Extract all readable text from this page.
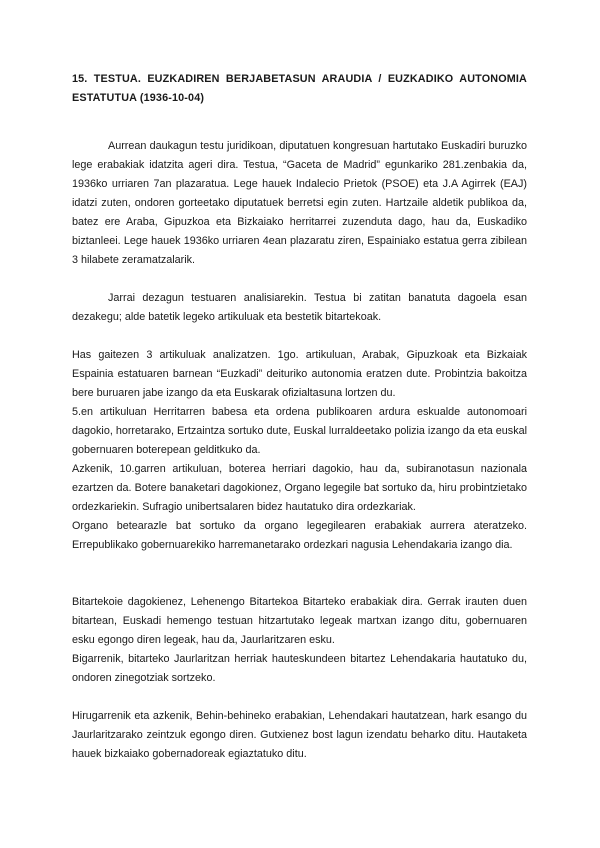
15. TESTUA. EUZKADIREN BERJABETASUN ARAUDIA / EUZKADIKO AUTONOMIA ESTATUTUA (1936-10-04)

Aurrean daukagun testu juridikoan, diputatuen kongresuan hartutako Euskadiri buruzko lege erabakiak idatzita ageri dira. Testua, “Gaceta de Madrid” egunkariko 281.zenbakia da, 1936ko urriaren 7an plazaratua. Lege hauek Indalecio Prietok (PSOE) eta J.A Agirrek (EAJ) idatzi zuten, ondoren gorteetako diputatuek berretsi egin zuten. Hartzaile aldetik publikoa da, batez ere Araba, Gipuzkoa eta Bizkaiako herritarrei zuzenduta dago, hau da, Euskadiko biztanleei. Lege hauek 1936ko urriaren 4ean plazaratu ziren, Espainiako estatua gerra zibilean 3 hilabete zeramatzalarik.

Jarrai dezagun testuaren analisiarekin. Testua bi zatitan banatuta dagoela esan dezakegu; alde batetik legeko artikuluak eta bestetik bitartekoak.

Has gaitezen 3 artikuluak analizatzen. 1go. artikuluan, Arabak, Gipuzkoak eta Bizkaiak Espainia estatuaren barnean “Euzkadi” deituriko autonomia eratzen dute. Probintzia bakoitza bere buruaren jabe izango da eta Euskarak ofizialtasuna lortzen du.

5.en artikuluan Herritarren babesa eta ordena publikoaren ardura eskualde autonomoari dagokio, horretarako, Ertzaintza sortuko dute, Euskal lurraldeetako polizia izango da eta euskal gobernuaren boterepean gelditkuko da.

Azkenik, 10.garren artikuluan, boterea herriari dagokio, hau da, subiranotasun nazionala ezartzen da. Botere banaketari dagokionez, Organo legegile bat sortuko da, hiru probintzietako ordezkariekin. Sufragio unibertsalaren bidez hautatuko dira ordezkariak.

Organo betearazle bat sortuko da organo legegilearen erabakiak aurrera ateratzeko. Errepublikako gobernuarekiko harremanetarako ordezkari nagusia Lehendakaria izango dia.

Bitartekoie dagokienez, Lehenengo Bitartekoa Bitarteko erabakiak dira. Gerrak irauten duen bitartean, Euskadi hemengo testuan hitzartutako legeak martxan izango ditu, gobernuaren esku egongo diren legeak, hau da, Jaurlaritzaren esku.

Bigarrenik, bitarteko Jaurlaritzan herriak hauteskundeen bitartez Lehendakaria hautatuko du, ondoren zinegotziak sortzeko.

Hirugarrenik eta azkenik, Behin-behineko erabakian, Lehendakari hautatzean, hark esango du Jaurlaritzarako zeintzuk egongo diren. Gutxienez bost lagun izendatu beharko ditu. Hautaketa hauek bizkaiako gobernadoreak egiaztatuko ditu.
